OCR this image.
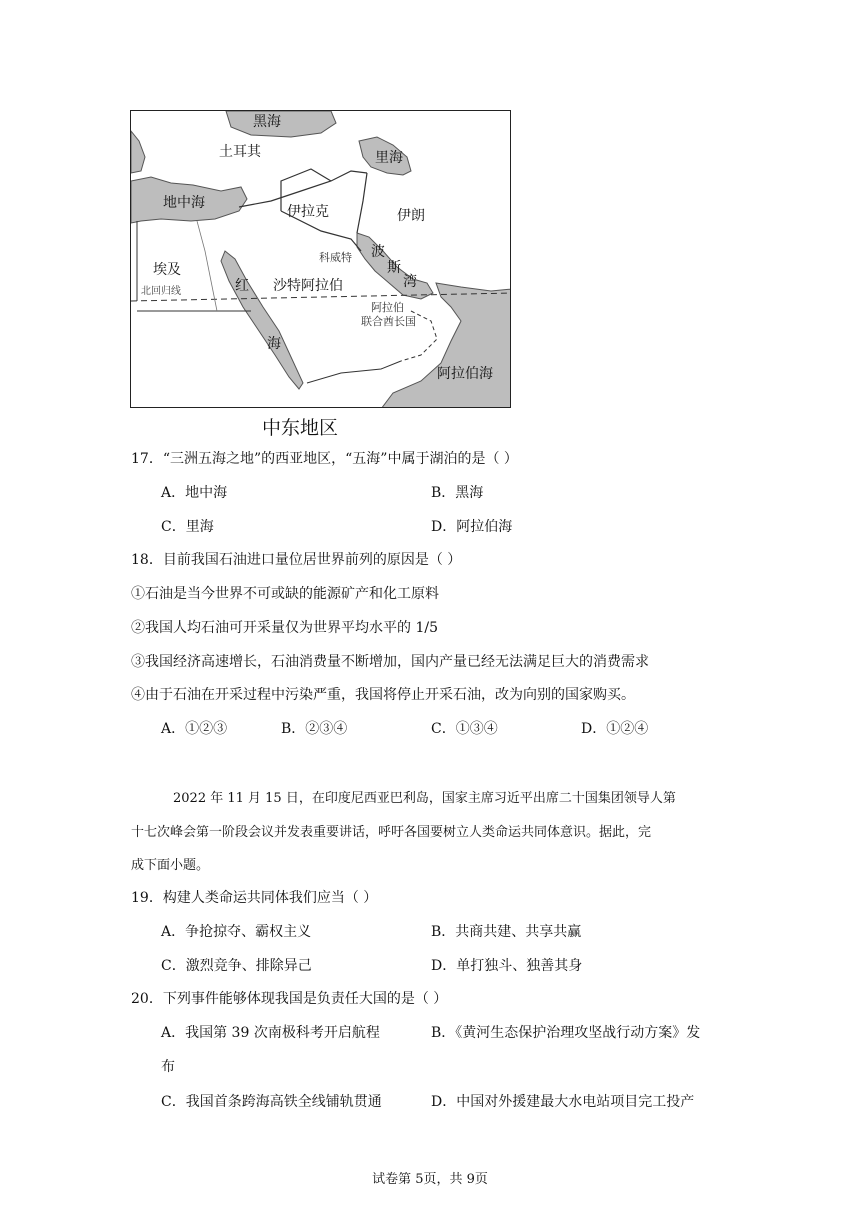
黑海
土耳其	里海
地中海
伊拉克	伊朗
波
斯
湾
科威特
埃及
北回归线	红 沙特阿拉伯
阿拉伯
联合酋长国
海
阿拉伯海
中东地区
17．“三洲五海之地”的西亚地区，“五海”中属于湖泊的是（ ）
A．地中海	B．黑海
C．里海	D．阿拉伯海
18．目前我国石油进口量位居世界前列的原因是（ ）
①石油是当今世界不可或缺的能源矿产和化工原料
②我国人均石油可开采量仅为世界平均水平的 1/5
③我国经济高速增长，石油消费量不断增加，国内产量已经无法满足巨大的消费需求
④由于石油在开采过程中污染严重，我国将停止开采石油，改为向别的国家购买。
A．①②③	B．②③④	C．①③④	D．①②④
2022 年 11 月 15 日，在印度尼西亚巴利岛，国家主席习近平出席二十国集团领导人第
十七次峰会第一阶段会议并发表重要讲话，呼吁各国要树立人类命运共同体意识。据此，完
成下面小题。
19．构建人类命运共同体我们应当（ ）
A．争抢掠夺、霸权主义	B．共商共建、共享共赢
C．激烈竞争、排除异己	D．单打独斗、独善其身
20．下列事件能够体现我国是负责任大国的是（ ）
A．我国第 39 次南极科考开启航程	B．《黄河生态保护治理攻坚战行动方案》发
布
C．我国首条跨海高铁全线铺轨贯通	D．中国对外援建最大水电站项目完工投产
试卷第 5页，共 9页
